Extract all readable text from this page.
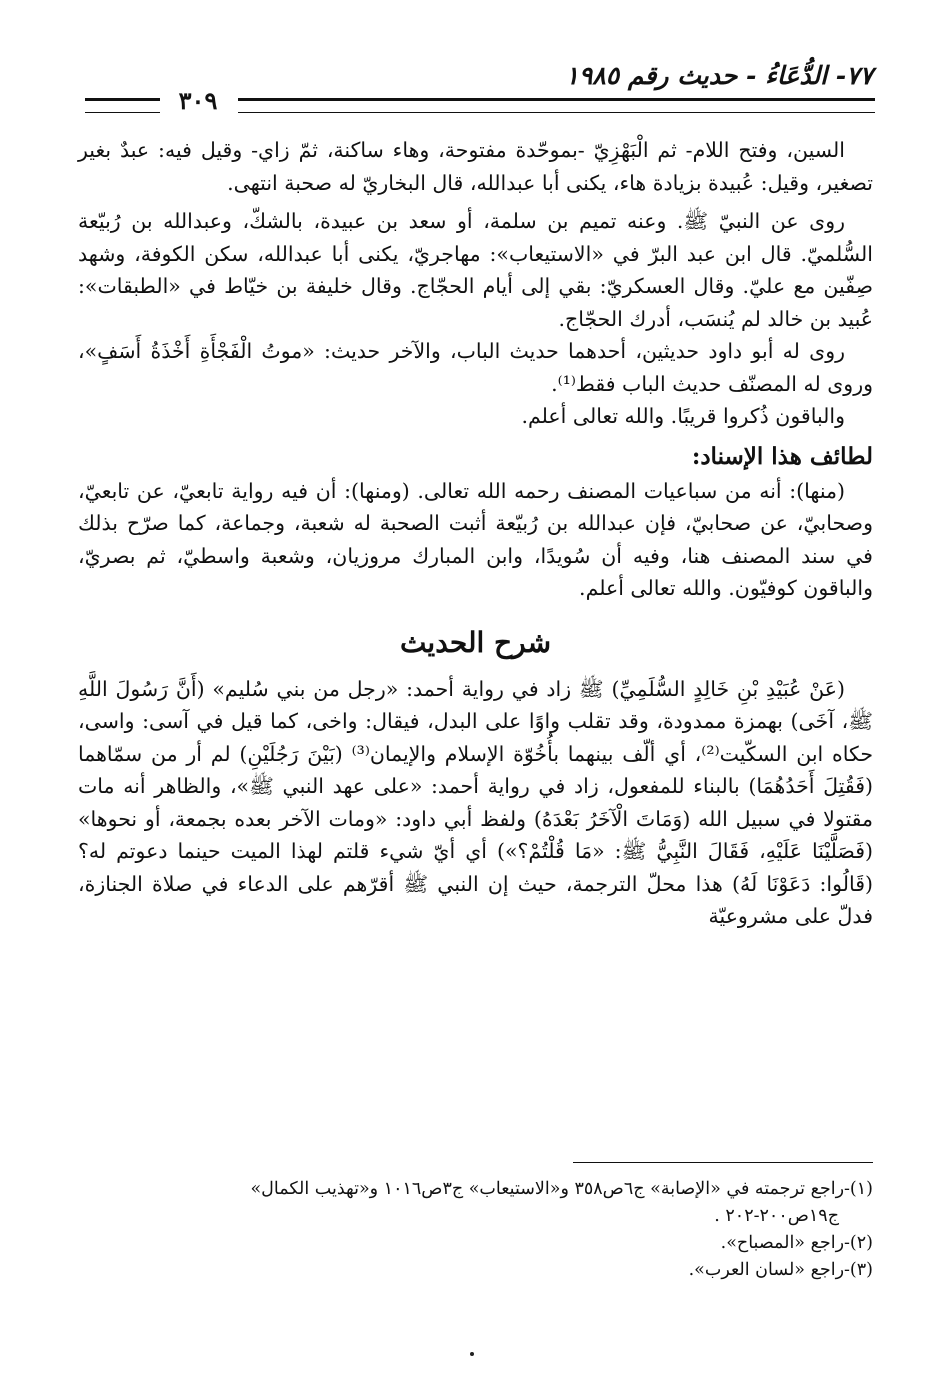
٧٧- الدُّعَاءُ - حديث رقم ١٩٨٥
٣٠٩

السين، وفتح اللام- ثم الْبَهْزِيّ -بموحّدة مفتوحة، وهاء ساكنة، ثمّ زاي- وقيل فيه: عبدٌ بغير تصغير، وقيل: عُبيدة بزيادة هاء، يكنى أبا عبدالله، قال البخاريّ له صحبة انتهى.

روى عن النبيّ ﷺ. وعنه تميم بن سلمة، أو سعد بن عبيدة، بالشكّ، وعبدالله بن رُبيّعة السُّلميّ. قال ابن عبد البرّ في «الاستيعاب»: مهاجريّ، يكنى أبا عبدالله، سكن الكوفة، وشهد صِفّين مع عليّ. وقال العسكريّ: بقي إلى أيام الحجّاج. وقال خليفة بن خيّاط في «الطبقات»: عُبيد بن خالد لم يُنسَب، أدرك الحجّاج.

روى له أبو داود حديثين، أحدهما حديث الباب، والآخر حديث: «موتُ الْفَجْأَةِ أَخْذَةُ أَسَفٍ»، وروى له المصنّف حديث الباب فقط⁽¹⁾.

والباقون ذُكروا قريبًا. والله تعالى أعلم.

لطائف هذا الإسناد:

(منها): أنه من سباعيات المصنف رحمه الله تعالى. (ومنها): أن فيه رواية تابعيّ، عن تابعيّ، وصحابيّ، عن صحابيّ، فإن عبدالله بن رُبيّعة أثبت الصحبة له شعبة، وجماعة، كما صرّح بذلك في سند المصنف هنا، وفيه أن سُويدًا، وابن المبارك مروزيان، وشعبة واسطيّ، ثم بصريّ، والباقون كوفيّون. والله تعالى أعلم.

شرح الحديث

(عَنْ عُبَيْدِ بْنِ خَالِدٍ السُّلَمِيِّ) ﷺ زاد في رواية أحمد: «رجل من بني سُليم» (أَنَّ رَسُولَ اللَّهِ ﷺ، آخَى) بهمزة ممدودة، وقد تقلب واوًا على البدل، فيقال: واخى، كما قيل في آسى: واسى، حكاه ابن السكّيت⁽²⁾، أي ألّف بينهما بأُخُوّة الإسلام والإيمان⁽³⁾ (بَيْنَ رَجُلَيْنِ) لم أر من سمّاهما (فَقُتِلَ أَحَدُهُمَا) بالبناء للمفعول، زاد في رواية أحمد: «على عهد النبي ﷺ»، والظاهر أنه مات مقتولا في سبيل الله (وَمَاتَ الْآخَرُ بَعْدَهُ) ولفظ أبي داود: «ومات الآخر بعده بجمعة، أو نحوها» (فَصَلَّيْنَا عَلَيْهِ، فَقَالَ النَّبِيُّ ﷺ: «مَا قُلْتُمْ؟») أي أيّ شيء قلتم لهذا الميت حينما دعوتم له؟ (قَالُوا: دَعَوْنَا لَهُ) هذا محلّ الترجمة، حيث إن النبي ﷺ أقرّهم على الدعاء في صلاة الجنازة، فدلّ على مشروعيّة

(١)-راجع ترجمته في «الإصابة» ج٦ص٣٥٨ و«الاستيعاب» ج٣ص١٠١٦ و«تهذيب الكمال»
ج١٩ص٢٠٠-٢٠٢ .
(٢)-راجع «المصباح».
(٣)-راجع «لسان العرب».
